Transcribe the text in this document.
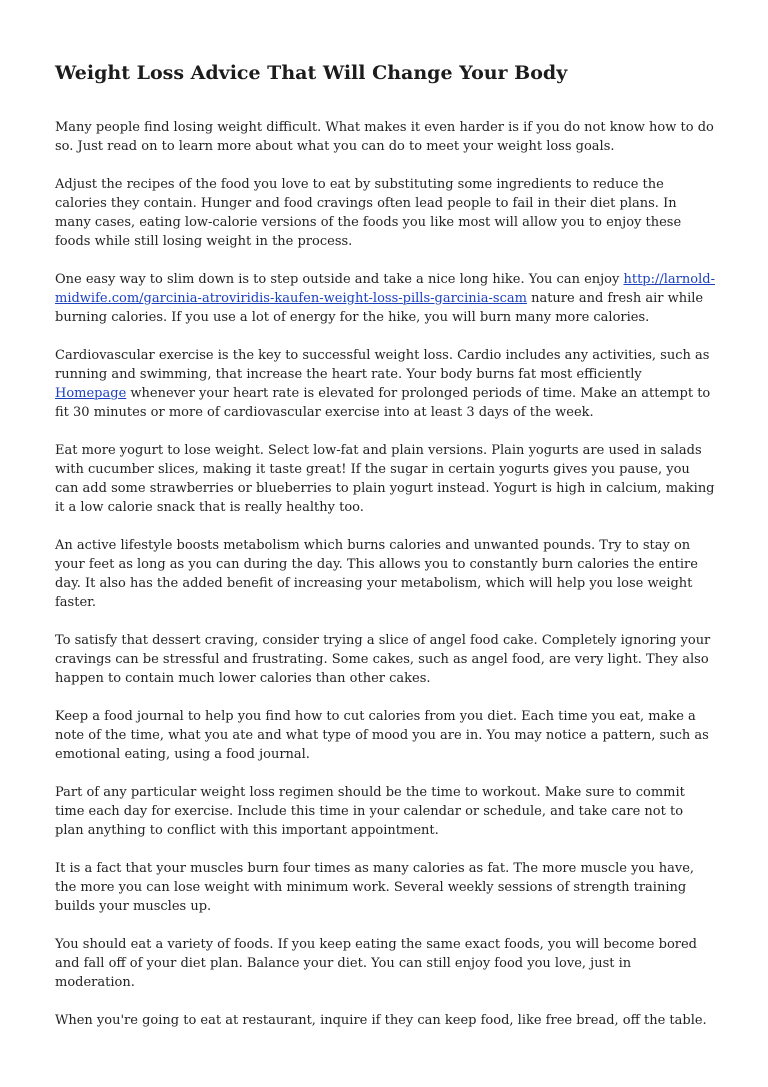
Weight Loss Advice That Will Change Your Body

Many people find losing weight difficult. What makes it even harder is if you do not know how to do so. Just read on to learn more about what you can do to meet your weight loss goals.

Adjust the recipes of the food you love to eat by substituting some ingredients to reduce the calories they contain. Hunger and food cravings often lead people to fail in their diet plans. In many cases, eating low-calorie versions of the foods you like most will allow you to enjoy these foods while still losing weight in the process.

One easy way to slim down is to step outside and take a nice long hike. You can enjoy http://larnold-midwife.com/garcinia-atroviridis-kaufen-weight-loss-pills-garcinia-scam nature and fresh air while burning calories. If you use a lot of energy for the hike, you will burn many more calories.

Cardiovascular exercise is the key to successful weight loss. Cardio includes any activities, such as running and swimming, that increase the heart rate. Your body burns fat most efficiently Homepage whenever your heart rate is elevated for prolonged periods of time. Make an attempt to fit 30 minutes or more of cardiovascular exercise into at least 3 days of the week.

Eat more yogurt to lose weight. Select low-fat and plain versions. Plain yogurts are used in salads with cucumber slices, making it taste great! If the sugar in certain yogurts gives you pause, you can add some strawberries or blueberries to plain yogurt instead. Yogurt is high in calcium, making it a low calorie snack that is really healthy too.

An active lifestyle boosts metabolism which burns calories and unwanted pounds. Try to stay on your feet as long as you can during the day. This allows you to constantly burn calories the entire day. It also has the added benefit of increasing your metabolism, which will help you lose weight faster.

To satisfy that dessert craving, consider trying a slice of angel food cake. Completely ignoring your cravings can be stressful and frustrating. Some cakes, such as angel food, are very light. They also happen to contain much lower calories than other cakes.

Keep a food journal to help you find how to cut calories from you diet. Each time you eat, make a note of the time, what you ate and what type of mood you are in. You may notice a pattern, such as emotional eating, using a food journal.

Part of any particular weight loss regimen should be the time to workout. Make sure to commit time each day for exercise. Include this time in your calendar or schedule, and take care not to plan anything to conflict with this important appointment.

It is a fact that your muscles burn four times as many calories as fat. The more muscle you have, the more you can lose weight with minimum work. Several weekly sessions of strength training builds your muscles up.

You should eat a variety of foods. If you keep eating the same exact foods, you will become bored and fall off of your diet plan. Balance your diet. You can still enjoy food you love, just in moderation.

When you're going to eat at restaurant, inquire if they can keep food, like free bread, off the table.
